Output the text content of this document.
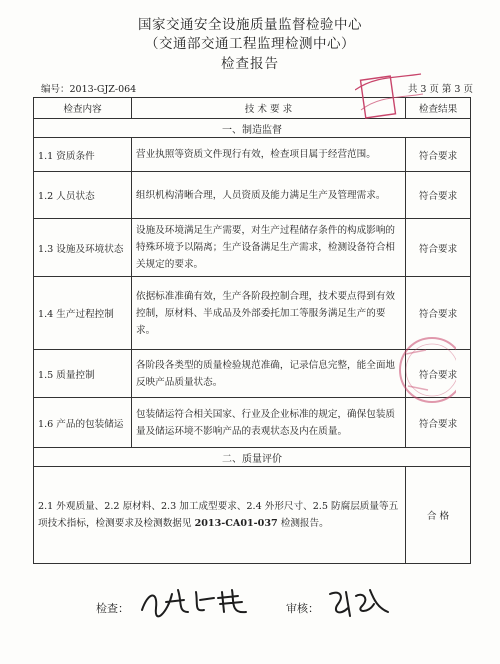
国家交通安全设施质量监督检验中心
（交通部交通工程监理检测中心）
检查报告
编号：2013-GJZ-064	共 3 页 第 3 页
检查内容	技 术 要 求	检查结果
一、制造监督		
1.1 资质条件	营业执照等资质文件现行有效，检查项目属于经营范围。	符合要求
1.2 人员状态	组织机构清晰合理，人员资质及能力满足生产及管理需求。	符合要求
1.3 设施及环境状态	设施及环境满足生产需要，对生产过程储存条件的构成影响的特殊环境予以隔离；生产设备满足生产需求，检测设备符合相关规定的要求。	符合要求
1.4 生产过程控制	依据标准准确有效，生产各阶段控制合理，技术要点得到有效控制，原材料、半成品及外部委托加工等服务满足生产的要求。	符合要求
1.5 质量控制	各阶段各类型的质量检验规范准确，记录信息完整，能全面地反映产品质量状态。	符合要求
1.6 产品的包装储运	包装储运符合相关国家、行业及企业标准的规定，确保包装质量及储运环境不影响产品的表观状态及内在质量。	符合要求
二、质量评价		
2.1 外观质量、2.2 原材料、2.3 加工成型要求、2.4 外形尺寸、2.5 防腐层质量等五项技术指标，检测要求及检测数据见 2013-CA01-037 检测报告。		合 格
检查：	审核：
